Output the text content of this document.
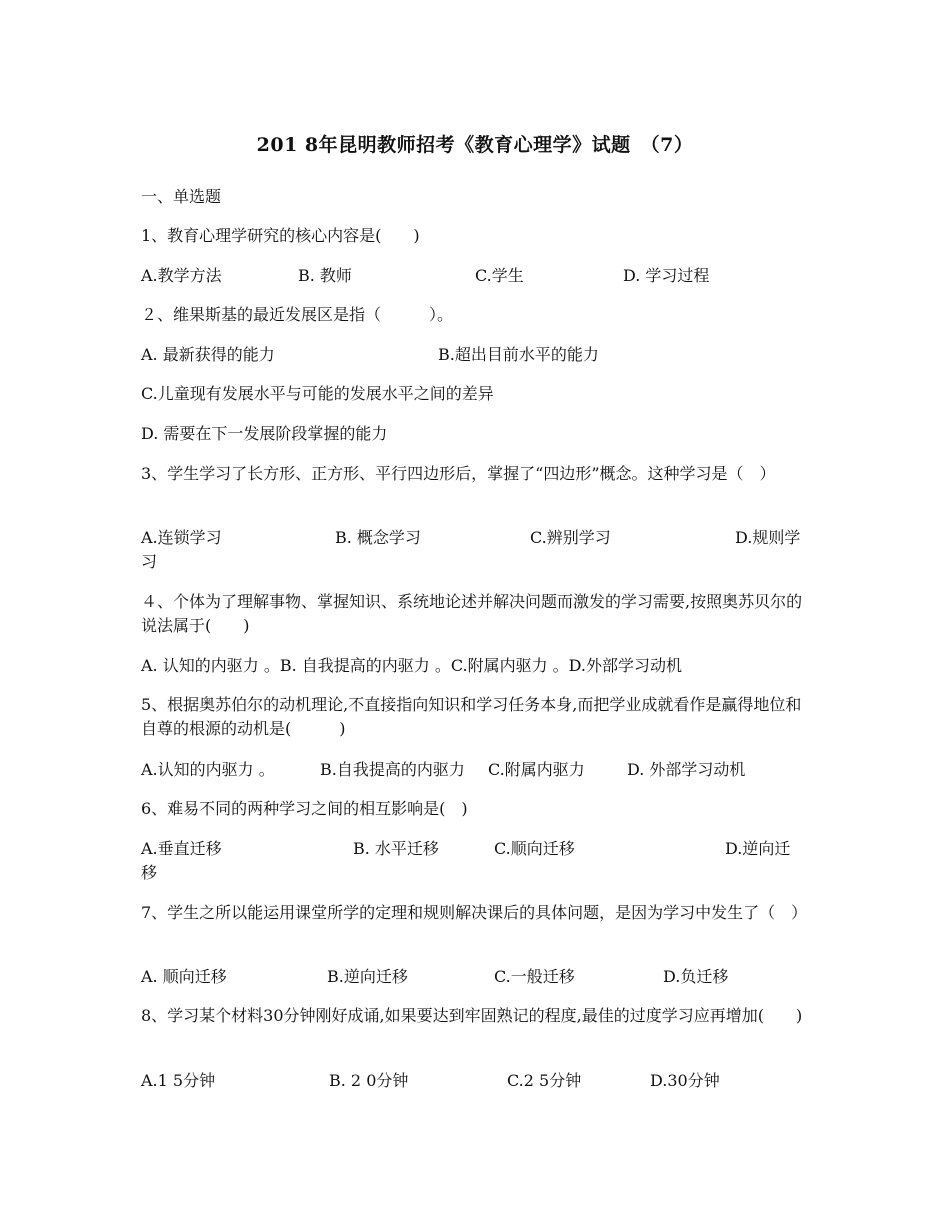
201 8年昆明教师招考《教育心理学》试题　（7）
一、单选题
1、教育心理学研究的核心内容是(　　)
A.教学方法	B. 教师	C.学生	D. 学习过程
２、维果斯基的最近发展区是指（　　　）。
A. 最新获得的能力	B.超出目前水平的能力
C.儿童现有发展水平与可能的发展水平之间的差异
D. 需要在下一发展阶段掌握的能力
3、学生学习了长方形、正方形、平行四边形后，掌握了“四边形”概念。这种学习是（　）
A.连锁学习	B. 概念学习	C.辨别学习	D.规则学
习
４、个体为了理解事物、掌握知识、系统地论述并解决问题而激发的学习需要,按照奥苏贝尔的说法属于(　　)
A. 认知的内驱力 。B. 自我提高的内驱力 。C.附属内驱力 。D.外部学习动机
5、根据奥苏伯尔的动机理论,不直接指向知识和学习任务本身,而把学业成就看作是赢得地位和自尊的根源的动机是(　　　)
A.认知的内驱力 。	B.自我提高的内驱力 C.附属内驱力	D. 外部学习动机
6、难易不同的两种学习之间的相互影响是(　)
A.垂直迁移	B. 水平迁移	C.顺向迁移	D.逆向迁
移
7、学生之所以能运用课堂所学的定理和规则解决课后的具体问题，是因为学习中发生了（　）
A. 顺向迁移	B.逆向迁移	C.一般迁移	D.负迁移
8、学习某个材料30分钟刚好成诵,如果要达到牢固熟记的程度,最佳的过度学习应再增加(　　)
A.1 5分钟	B. 2 0分钟	C.2 5分钟	D.30分钟
